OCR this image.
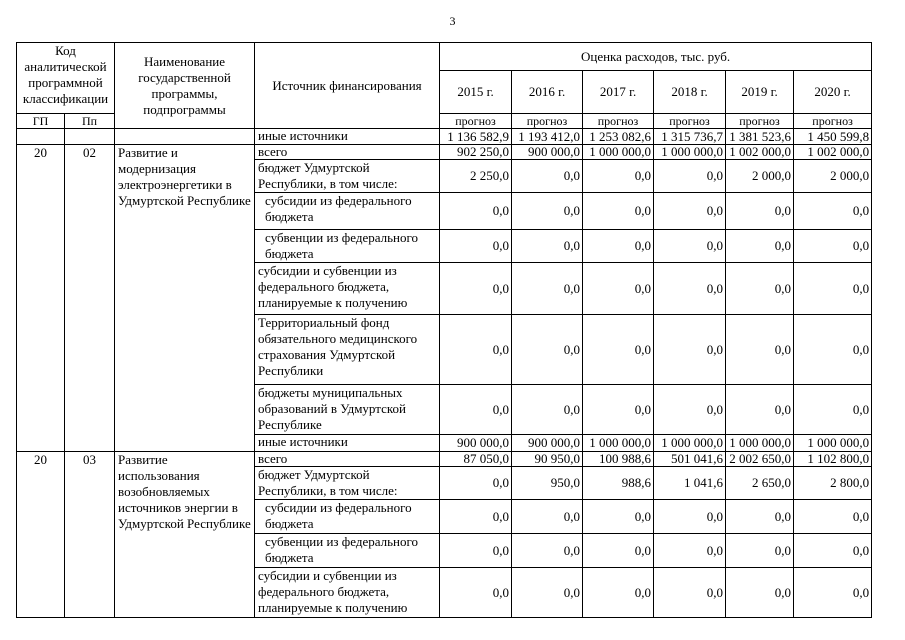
3
Код аналитической программной классификации		Наименование государственной программы, подпрограммы	Источник финансирования	Оценка расходов, тыс. руб.					
				2015 г.	2016 г.	2017 г.	2018 г.	2019 г.	2020 г.
ГП	Пп			прогноз	прогноз	прогноз	прогноз	прогноз	прогноз
			иные источники	1 136 582,9	1 193 412,0	1 253 082,6	1 315 736,7	1 381 523,6	1 450 599,8
20	02	Развитие и модернизация электроэнергетики в Удмуртской Республике	всего	902 250,0	900 000,0	1 000 000,0	1 000 000,0	1 002 000,0	1 002 000,0
			бюджет Удмуртской Республики, в том числе:	2 250,0	0,0	0,0	0,0	2 000,0	2 000,0
			субсидии из федерального бюджета	0,0	0,0	0,0	0,0	0,0	0,0
			субвенции из федерального бюджета	0,0	0,0	0,0	0,0	0,0	0,0
			субсидии и субвенции из федерального бюджета, планируемые к получению	0,0	0,0	0,0	0,0	0,0	0,0
			Территориальный фонд обязательного медицинского страхования Удмуртской Республики	0,0	0,0	0,0	0,0	0,0	0,0
			бюджеты муниципальных образований в Удмуртской Республике	0,0	0,0	0,0	0,0	0,0	0,0
			иные источники	900 000,0	900 000,0	1 000 000,0	1 000 000,0	1 000 000,0	1 000 000,0
20	03	Развитие использования возобновляемых источников энергии в Удмуртской Республике	всего	87 050,0	90 950,0	100 988,6	501 041,6	2 002 650,0	1 102 800,0
			бюджет Удмуртской Республики, в том числе:	0,0	950,0	988,6	1 041,6	2 650,0	2 800,0
			субсидии из федерального бюджета	0,0	0,0	0,0	0,0	0,0	0,0
			субвенции из федерального бюджета	0,0	0,0	0,0	0,0	0,0	0,0
			субсидии и субвенции из федерального бюджета, планируемые к получению	0,0	0,0	0,0	0,0	0,0	0,0
